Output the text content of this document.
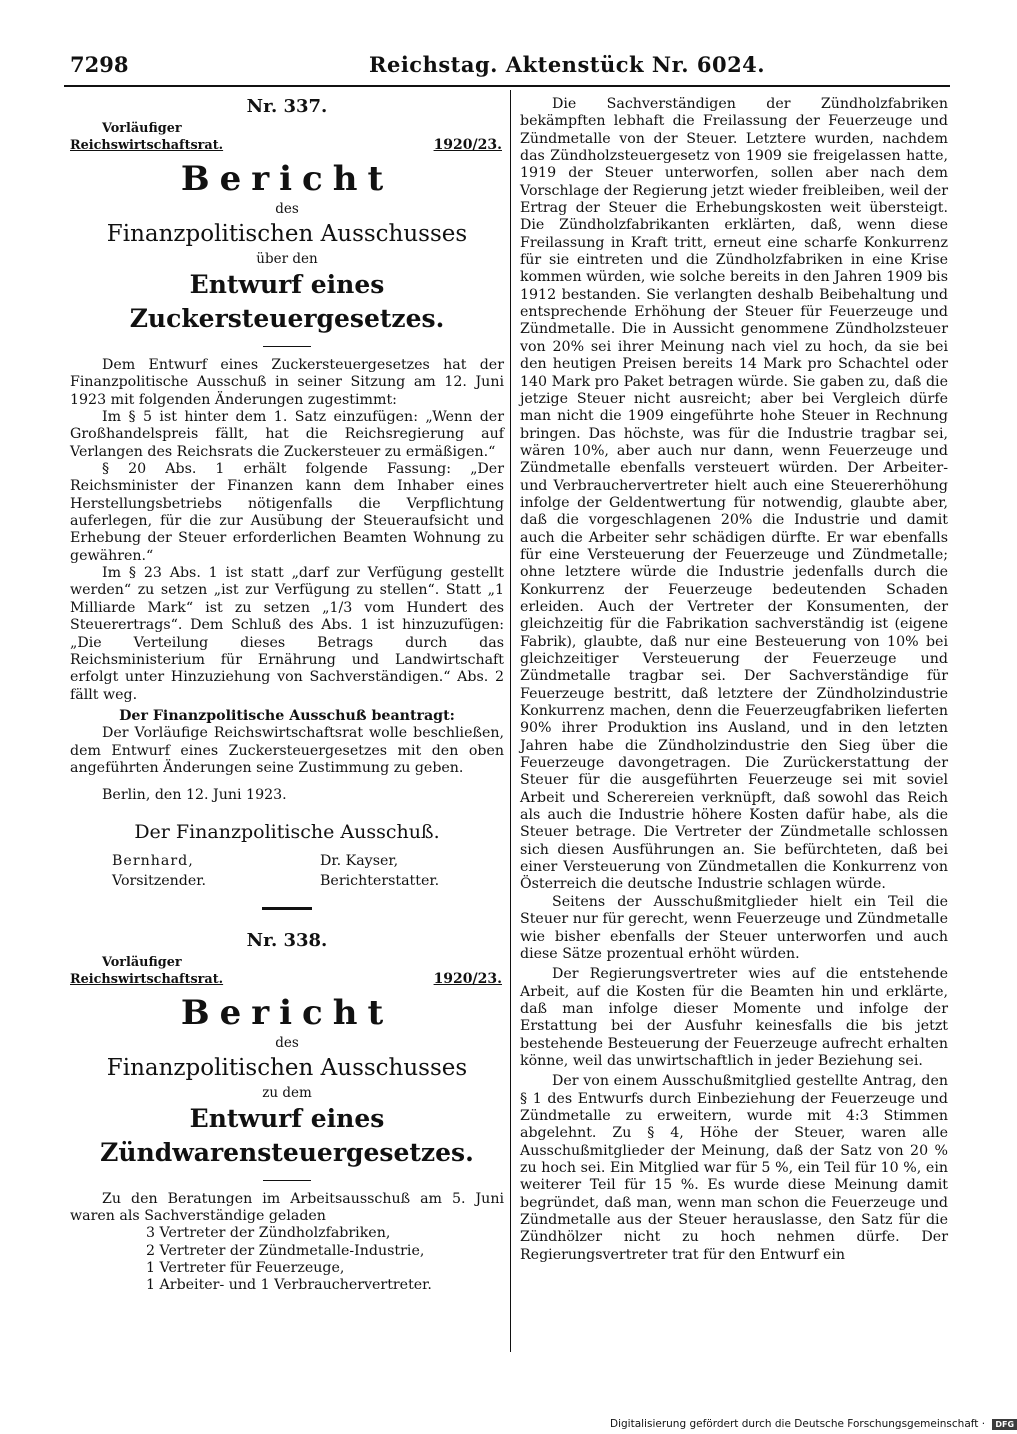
7298	Reichstag. Aktenstück Nr. 6024.
Nr. 337.
Vorläufiger
Reichswirtschaftsrat.	1920/23.
Bericht
des
Finanzpolitischen Ausschusses
über den
Entwurf eines Zuckersteuergesetzes.

Dem Entwurf eines Zuckersteuergesetzes hat der Finanzpolitische Ausschuß in seiner Sitzung am 12. Juni 1923 mit folgenden Änderungen zugestimmt:

Im § 5 ist hinter dem 1. Satz einzufügen: „Wenn der Großhandelspreis fällt, hat die Reichsregierung auf Verlangen des Reichsrats die Zuckersteuer zu ermäßigen.“

§ 20 Abs. 1 erhält folgende Fassung: „Der Reichsminister der Finanzen kann dem Inhaber eines Herstellungsbetriebs nötigenfalls die Verpflichtung auferlegen, für die zur Ausübung der Steueraufsicht und Erhebung der Steuer erforderlichen Beamten Wohnung zu gewähren.“

Im § 23 Abs. 1 ist statt „darf zur Verfügung gestellt werden“ zu setzen „ist zur Verfügung zu stellen“. Statt „1 Milliarde Mark“ ist zu setzen „1/3 vom Hundert des Steuerertrags“. Dem Schluß des Abs. 1 ist hinzuzufügen: „Die Verteilung dieses Betrags durch das Reichsministerium für Ernährung und Landwirtschaft erfolgt unter Hinzuziehung von Sachverständigen.“ Abs. 2 fällt weg.

Der Finanzpolitische Ausschuß beantragt:

Der Vorläufige Reichswirtschaftsrat wolle beschließen, dem Entwurf eines Zuckersteuergesetzes mit den oben angeführten Änderungen seine Zustimmung zu geben.

Berlin, den 12. Juni 1923.

Der Finanzpolitische Ausschuß.
Bernhard,	Dr. Kayser,
Vorsitzender.	Berichterstatter.
Nr. 338.
Vorläufiger
Reichswirtschaftsrat.	1920/23.
Bericht
des
Finanzpolitischen Ausschusses
zu dem
Entwurf eines Zündwarensteuergesetzes.

Zu den Beratungen im Arbeitsausschuß am 5. Juni waren als Sachverständige geladen

3 Vertreter der Zündholzfabriken,
2 Vertreter der Zündmetalle-Industrie,
1 Vertreter für Feuerzeuge,
1 Arbeiter- und 1 Verbrauchervertreter.

Die Sachverständigen der Zündholzfabriken bekämpften lebhaft die Freilassung der Feuerzeuge und Zündmetalle von der Steuer. Letztere wurden, nachdem das Zündholzsteuergesetz von 1909 sie freigelassen hatte, 1919 der Steuer unterworfen, sollen aber nach dem Vorschlage der Regierung jetzt wieder freibleiben, weil der Ertrag der Steuer die Erhebungskosten weit übersteigt. Die Zündholzfabrikanten erklärten, daß, wenn diese Freilassung in Kraft tritt, erneut eine scharfe Konkurrenz für sie eintreten und die Zündholzfabriken in eine Krise kommen würden, wie solche bereits in den Jahren 1909 bis 1912 bestanden. Sie verlangten deshalb Beibehaltung und entsprechende Erhöhung der Steuer für Feuerzeuge und Zündmetalle. Die in Aussicht genommene Zündholzsteuer von 20% sei ihrer Meinung nach viel zu hoch, da sie bei den heutigen Preisen bereits 14 Mark pro Schachtel oder 140 Mark pro Paket betragen würde. Sie gaben zu, daß die jetzige Steuer nicht ausreicht; aber bei Vergleich dürfe man nicht die 1909 eingeführte hohe Steuer in Rechnung bringen. Das höchste, was für die Industrie tragbar sei, wären 10%, aber auch nur dann, wenn Feuerzeuge und Zündmetalle ebenfalls versteuert würden. Der Arbeiter- und Verbrauchervertreter hielt auch eine Steuererhöhung infolge der Geldentwertung für notwendig, glaubte aber, daß die vorgeschlagenen 20% die Industrie und damit auch die Arbeiter sehr schädigen dürfte. Er war ebenfalls für eine Versteuerung der Feuerzeuge und Zündmetalle; ohne letztere würde die Industrie jedenfalls durch die Konkurrenz der Feuerzeuge bedeutenden Schaden erleiden. Auch der Vertreter der Konsumenten, der gleichzeitig für die Fabrikation sachverständig ist (eigene Fabrik), glaubte, daß nur eine Besteuerung von 10% bei gleichzeitiger Versteuerung der Feuerzeuge und Zündmetalle tragbar sei. Der Sachverständige für Feuerzeuge bestritt, daß letztere der Zündholzindustrie Konkurrenz machen, denn die Feuerzeugfabriken lieferten 90% ihrer Produktion ins Ausland, und in den letzten Jahren habe die Zündholzindustrie den Sieg über die Feuerzeuge davongetragen. Die Zurückerstattung der Steuer für die ausgeführten Feuerzeuge sei mit soviel Arbeit und Scherereien verknüpft, daß sowohl das Reich als auch die Industrie höhere Kosten dafür habe, als die Steuer betrage. Die Vertreter der Zündmetalle schlossen sich diesen Ausführungen an. Sie befürchteten, daß bei einer Versteuerung von Zündmetallen die Konkurrenz von Österreich die deutsche Industrie schlagen würde.

Seitens der Ausschußmitglieder hielt ein Teil die Steuer nur für gerecht, wenn Feuerzeuge und Zündmetalle wie bisher ebenfalls der Steuer unterworfen und auch diese Sätze prozentual erhöht würden.

Der Regierungsvertreter wies auf die entstehende Arbeit, auf die Kosten für die Beamten hin und erklärte, daß man infolge dieser Momente und infolge der Erstattung bei der Ausfuhr keinesfalls die bis jetzt bestehende Besteuerung der Feuerzeuge aufrecht erhalten könne, weil das unwirtschaftlich in jeder Beziehung sei.

Der von einem Ausschußmitglied gestellte Antrag, den § 1 des Entwurfs durch Einbeziehung der Feuerzeuge und Zündmetalle zu erweitern, wurde mit 4:3 Stimmen abgelehnt. Zu § 4, Höhe der Steuer, waren alle Ausschußmitglieder der Meinung, daß der Satz von 20 % zu hoch sei. Ein Mitglied war für 5 %, ein Teil für 10 %, ein weiterer Teil für 15 %. Es wurde diese Meinung damit begründet, daß man, wenn man schon die Feuerzeuge und Zündmetalle aus der Steuer herauslasse, den Satz für die Zündhölzer nicht zu hoch nehmen dürfe. Der Regierungsvertreter trat für den Entwurf ein

Digitalisierung gefördert durch die Deutsche Forschungsgemeinschaft · DFG
